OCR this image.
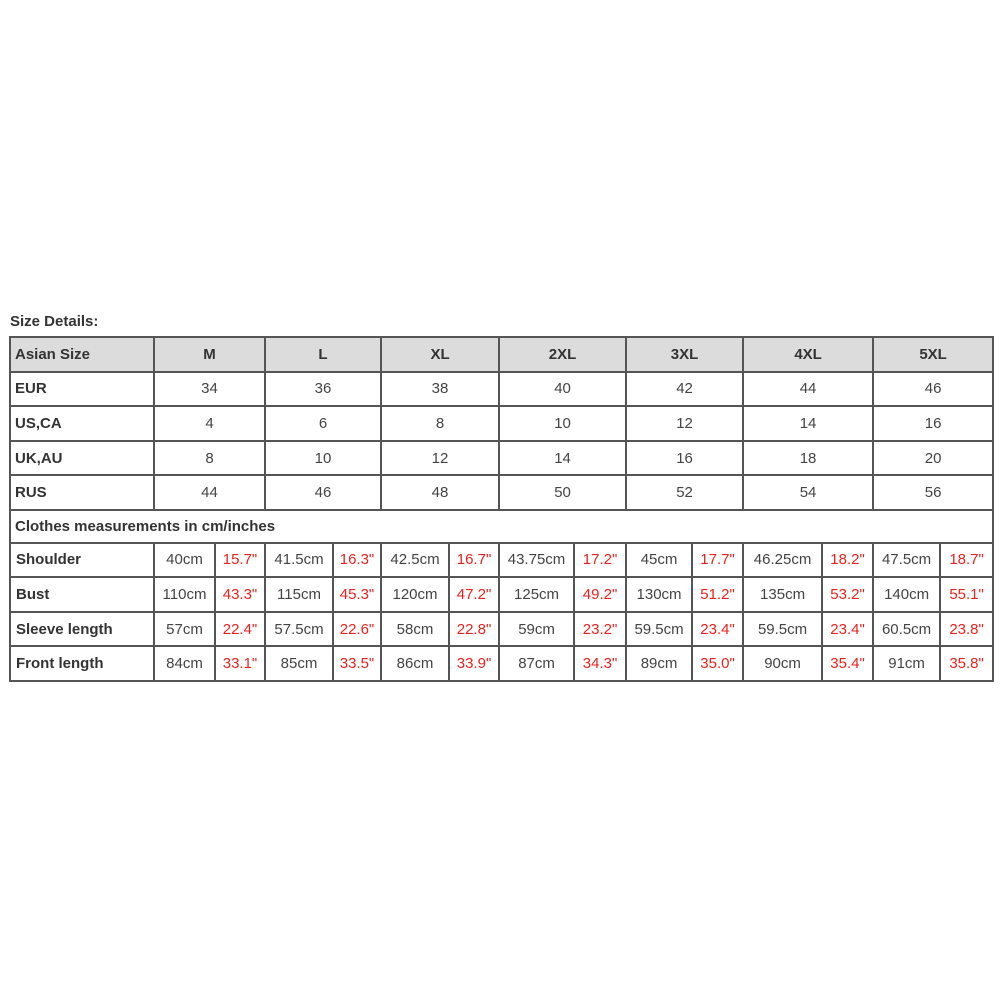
Size Details:
Asian Size	M		L		XL		2XL		3XL		4XL		5XL	
EUR	34		36		38		40		42		44		46	
US,CA	4		6		8		10		12		14		16	
UK,AU	8		10		12		14		16		18		20	
RUS	44		46		48		50		52		54		56	
Clothes measurements in cm/inches														
Shoulder	40cm	15.7"	41.5cm	16.3"	42.5cm	16.7"	43.75cm	17.2"	45cm	17.7"	46.25cm	18.2"	47.5cm	18.7"
Bust	110cm	43.3"	115cm	45.3"	120cm	47.2"	125cm	49.2"	130cm	51.2"	135cm	53.2"	140cm	55.1"
Sleeve length	57cm	22.4"	57.5cm	22.6"	58cm	22.8"	59cm	23.2"	59.5cm	23.4"	59.5cm	23.4"	60.5cm	23.8"
Front length	84cm	33.1"	85cm	33.5"	86cm	33.9"	87cm	34.3"	89cm	35.0"	90cm	35.4"	91cm	35.8"
